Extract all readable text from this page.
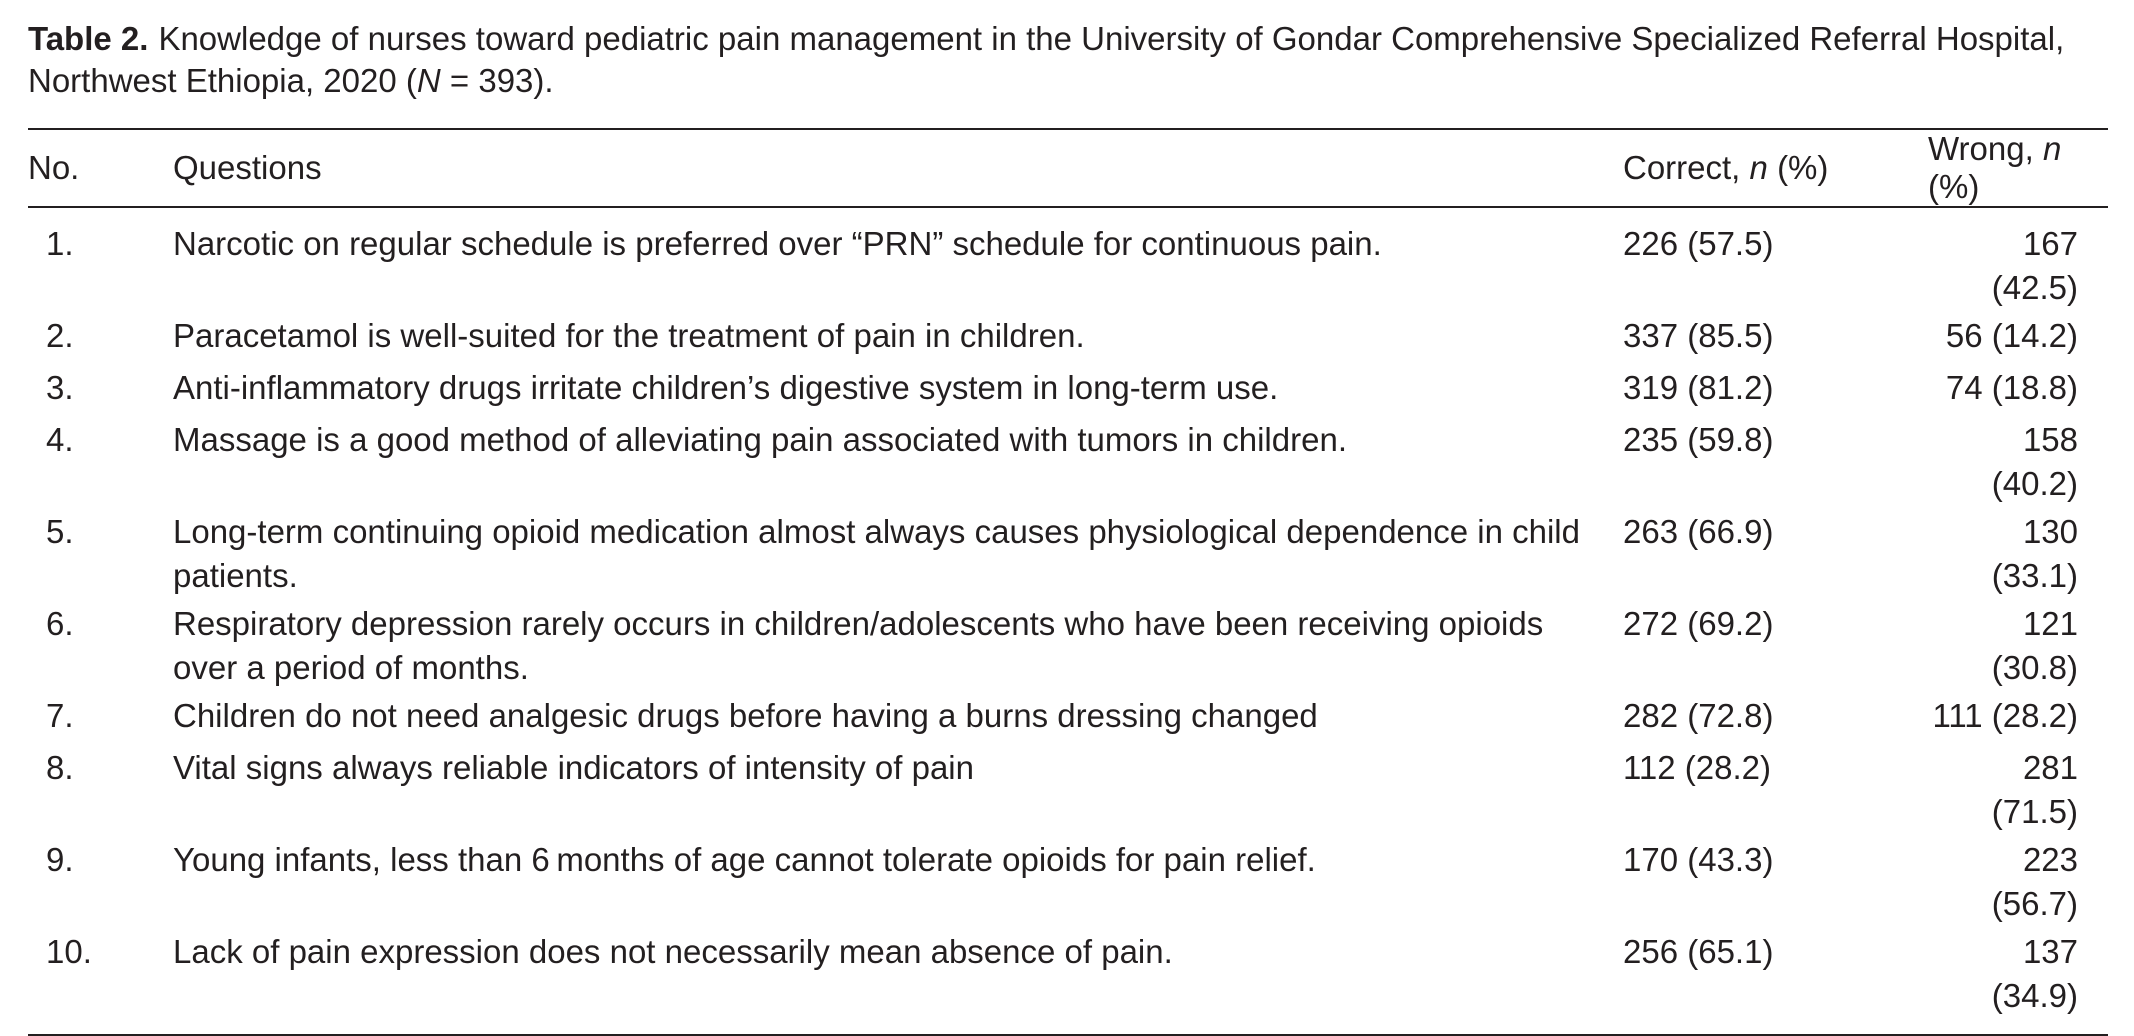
Table 2. Knowledge of nurses toward pediatric pain management in the University of Gondar Comprehensive Specialized Referral Hospital, Northwest Ethiopia, 2020 (N = 393).

No.	Questions	Correct, n (%)	Wrong, n (%)
1.	Narcotic on regular schedule is preferred over “PRN” schedule for continuous pain.	226 (57.5)	167 (42.5)
2.	Paracetamol is well-suited for the treatment of pain in children.	337 (85.5)	56 (14.2)
3.	Anti-inflammatory drugs irritate children’s digestive system in long-term use.	319 (81.2)	74 (18.8)
4.	Massage is a good method of alleviating pain associated with tumors in children.	235 (59.8)	158 (40.2)
5.	Long-term continuing opioid medication almost always causes physiological dependence in child patients.	263 (66.9)	130 (33.1)
6.	Respiratory depression rarely occurs in children/adolescents who have been receiving opioids over a period of months.	272 (69.2)	121 (30.8)
7.	Children do not need analgesic drugs before having a burns dressing changed	282 (72.8)	111 (28.2)
8.	Vital signs always reliable indicators of intensity of pain	112 (28.2)	281 (71.5)
9.	Young infants, less than 6 months of age cannot tolerate opioids for pain relief.	170 (43.3)	223 (56.7)
10.	Lack of pain expression does not necessarily mean absence of pain.	256 (65.1)	137 (34.9)
